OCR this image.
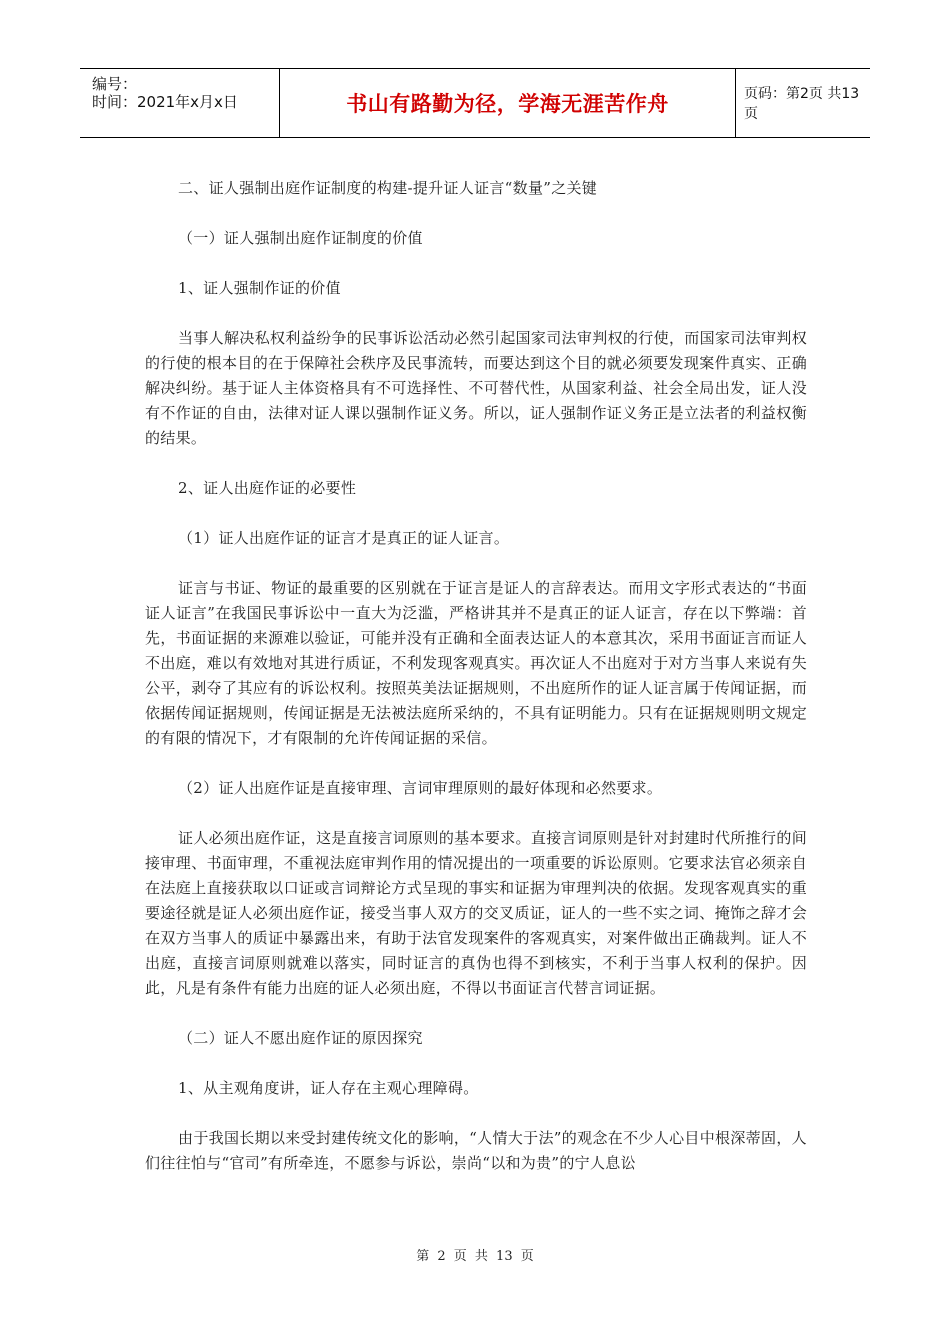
编号：
时间：2021年x月x日	书山有路勤为径，学海无涯苦作舟	页码：第2页 共13页

二、证人强制出庭作证制度的构建-提升证人证言“数量”之关键

（一）证人强制出庭作证制度的价值

1、证人强制作证的价值

当事人解决私权利益纷争的民事诉讼活动必然引起国家司法审判权的行使，而国家司法审判权的行使的根本目的在于保障社会秩序及民事流转，而要达到这个目的就必须要发现案件真实、正确解决纠纷。基于证人主体资格具有不可选择性、不可替代性，从国家利益、社会全局出发，证人没有不作证的自由，法律对证人课以强制作证义务。所以，证人强制作证义务正是立法者的利益权衡的结果。

2、证人出庭作证的必要性

（1）证人出庭作证的证言才是真正的证人证言。

证言与书证、物证的最重要的区别就在于证言是证人的言辞表达。而用文字形式表达的“书面证人证言”在我国民事诉讼中一直大为泛滥，严格讲其并不是真正的证人证言，存在以下弊端：首先，书面证据的来源难以验证，可能并没有正确和全面表达证人的本意其次，采用书面证言而证人不出庭，难以有效地对其进行质证，不利发现客观真实。再次证人不出庭对于对方当事人来说有失公平，剥夺了其应有的诉讼权利。按照英美法证据规则，不出庭所作的证人证言属于传闻证据，而依据传闻证据规则，传闻证据是无法被法庭所采纳的，不具有证明能力。只有在证据规则明文规定的有限的情况下，才有限制的允许传闻证据的采信。

（2）证人出庭作证是直接审理、言词审理原则的最好体现和必然要求。

证人必须出庭作证，这是直接言词原则的基本要求。直接言词原则是针对封建时代所推行的间接审理、书面审理，不重视法庭审判作用的情况提出的一项重要的诉讼原则。它要求法官必须亲自在法庭上直接获取以口证或言词辩论方式呈现的事实和证据为审理判决的依据。发现客观真实的重要途径就是证人必须出庭作证，接受当事人双方的交叉质证，证人的一些不实之词、掩饰之辞才会在双方当事人的质证中暴露出来，有助于法官发现案件的客观真实，对案件做出正确裁判。证人不出庭，直接言词原则就难以落实，同时证言的真伪也得不到核实，不利于当事人权利的保护。因此，凡是有条件有能力出庭的证人必须出庭，不得以书面证言代替言词证据。

（二）证人不愿出庭作证的原因探究

1、从主观角度讲，证人存在主观心理障碍。

由于我国长期以来受封建传统文化的影响，“人情大于法”的观念在不少人心目中根深蒂固，人们往往怕与“官司”有所牵连，不愿参与诉讼，崇尚“以和为贵”的宁人息讼

第 2 页 共 13 页
